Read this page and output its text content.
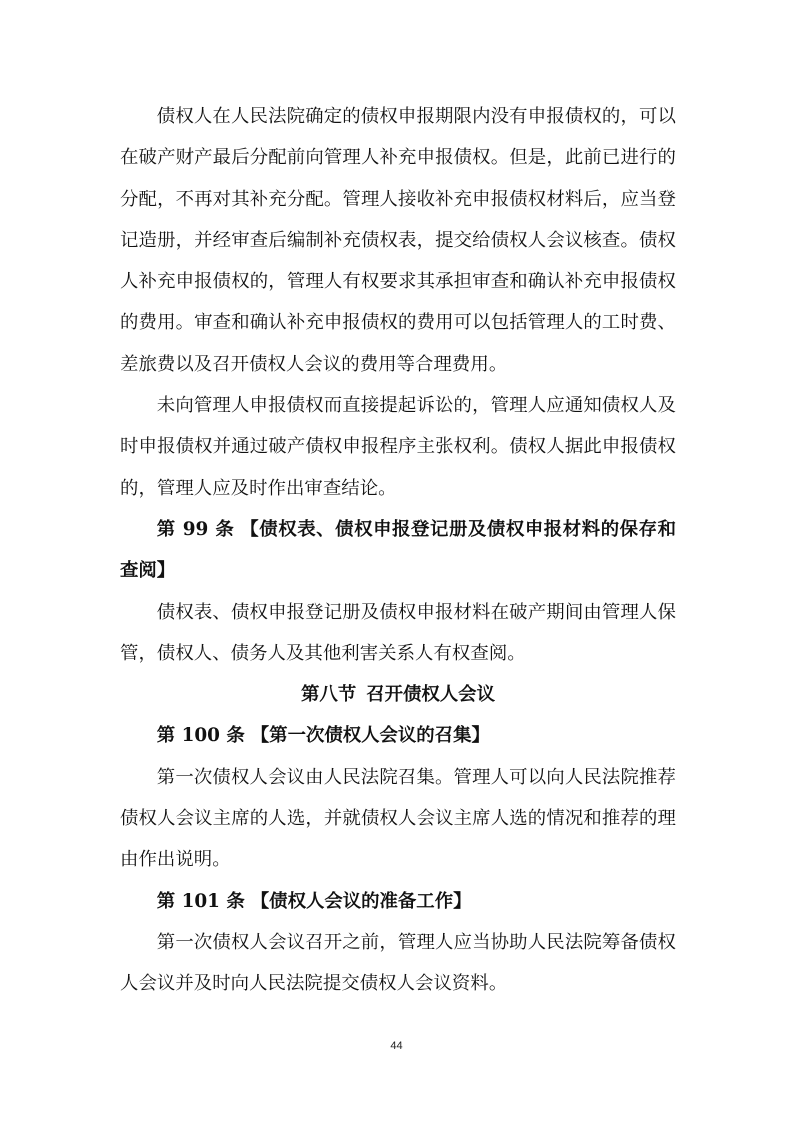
债权人在人民法院确定的债权申报期限内没有申报债权的，可以在破产财产最后分配前向管理人补充申报债权。但是，此前已进行的分配，不再对其补充分配。管理人接收补充申报债权材料后，应当登记造册，并经审查后编制补充债权表，提交给债权人会议核查。债权人补充申报债权的，管理人有权要求其承担审查和确认补充申报债权的费用。审查和确认补充申报债权的费用可以包括管理人的工时费、差旅费以及召开债权人会议的费用等合理费用。

未向管理人申报债权而直接提起诉讼的，管理人应通知债权人及时申报债权并通过破产债权申报程序主张权利。债权人据此申报债权的，管理人应及时作出审查结论。

第 99 条 【债权表、债权申报登记册及债权申报材料的保存和查阅】

债权表、债权申报登记册及债权申报材料在破产期间由管理人保管，债权人、债务人及其他利害关系人有权查阅。

第八节 召开债权人会议

第 100 条 【第一次债权人会议的召集】

第一次债权人会议由人民法院召集。管理人可以向人民法院推荐债权人会议主席的人选，并就债权人会议主席人选的情况和推荐的理由作出说明。

第 101 条 【债权人会议的准备工作】

第一次债权人会议召开之前，管理人应当协助人民法院筹备债权人会议并及时向人民法院提交债权人会议资料。

44
